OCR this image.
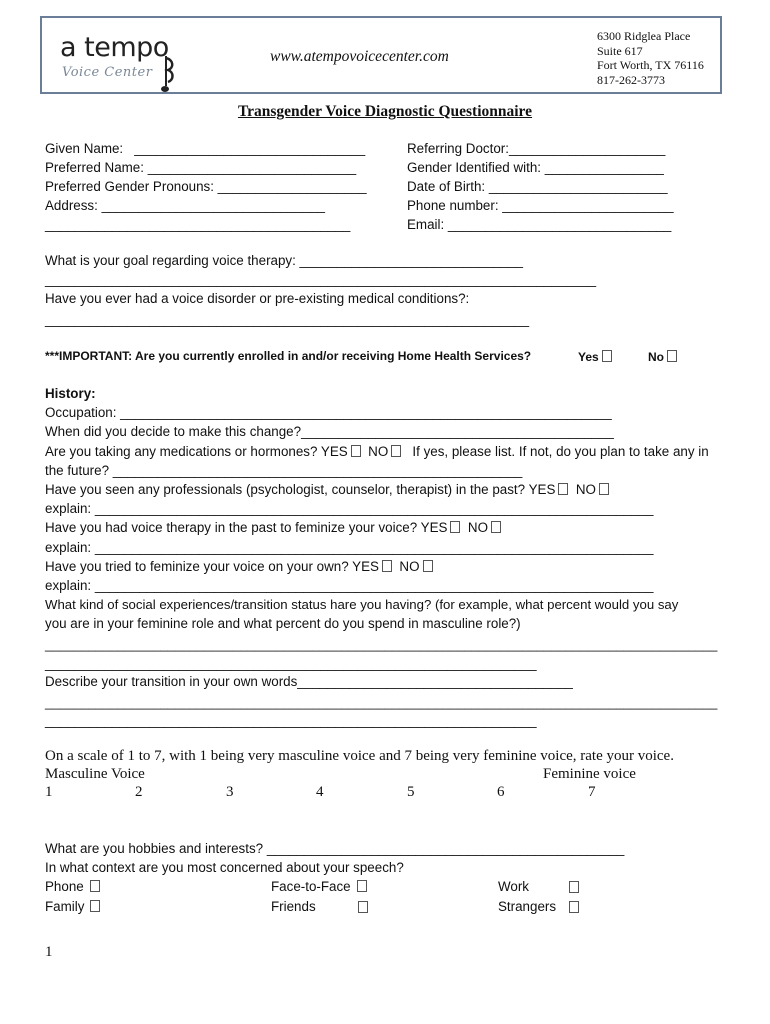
a tempo
Voice Center
www.atempovoicecenter.com
6300 Ridglea Place
Suite 617
Fort Worth, TX 76116
817-262-3773
Transgender Voice Diagnostic Questionnaire
Given Name:   _______________________________
Preferred Name: ____________________________
Preferred Gender Pronouns: ____________________
Address: ______________________________
_________________________________________
Referring Doctor:_____________________
Gender Identified with: ________________
Date of Birth: ________________________
Phone number: _______________________
Email: ______________________________
What is your goal regarding voice therapy: ______________________________
__________________________________________________________________________
Have you ever had a voice disorder or pre-existing medical conditions?:
_________________________________________________________________
***IMPORTANT: Are you currently enrolled in and/or receiving Home Health Services?	Yes	No
History:
Occupation: __________________________________________________________________
When did you decide to make this change?__________________________________________
Are you taking any medications or hormones? YES NO If yes, please list. If not, do you plan to take any in
the future? _______________________________________________________
Have you seen any professionals (psychologist, counselor, therapist) in the past? YES NO
explain: ___________________________________________________________________________
Have you had voice therapy in the past to feminize your voice? YES NO
explain: ___________________________________________________________________________
Have you tried to feminize your voice on your own? YES NO
explain: ___________________________________________________________________________
What kind of social experiences/transition status hare you having? (for example, what percent would you say
you are in your feminine role and what percent do you spend in masculine role?)
_____________________________________________________________________________________________
__________________________________________________________________
Describe your transition in your own words_____________________________________
_____________________________________________________________________________________________
__________________________________________________________________
On a scale of 1 to 7, with 1 being very masculine voice and 7 being very feminine voice, rate your voice.
Masculine Voice	Feminine voice
1	2	3	4	5	6	7
What are you hobbies and interests? ________________________________________________
In what context are you most concerned about your speech?
Phone	Face-to-Face	Work
Family	Friends	Strangers
1
